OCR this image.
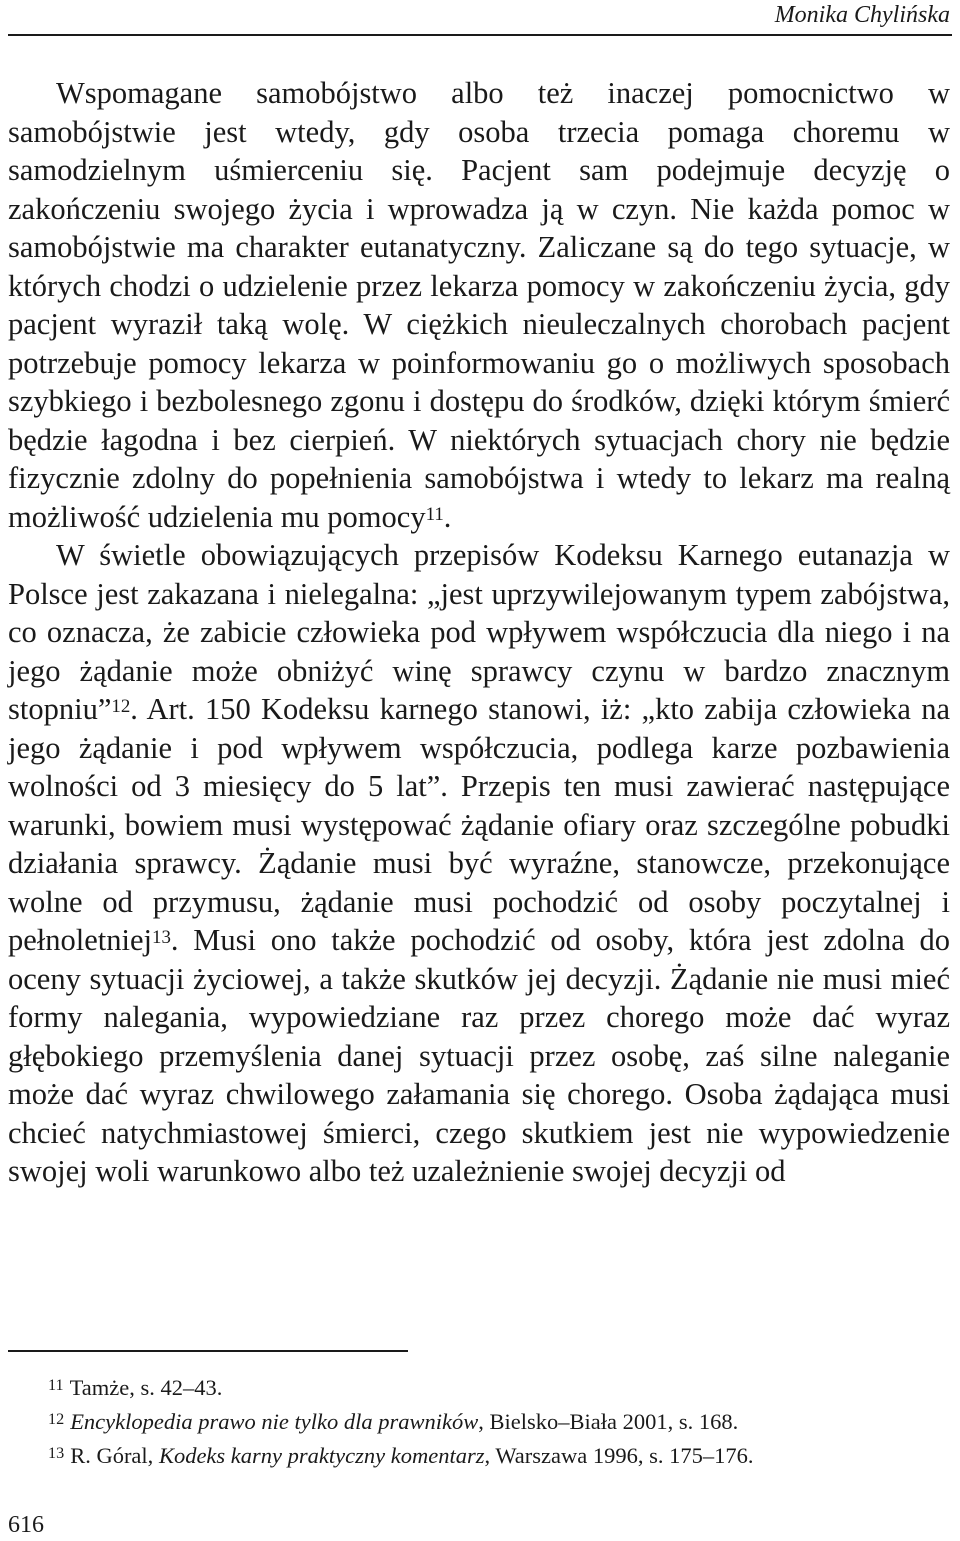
Monika Chylińska

Wspomagane samobójstwo albo też inaczej pomocnictwo w samobójstwie jest wtedy, gdy osoba trzecia pomaga choremu w samodzielnym uśmierceniu się. Pacjent sam podejmuje decyzję o zakończeniu swojego życia i wprowadza ją w czyn. Nie każda pomoc w samobójstwie ma charakter eutanatyczny. Zaliczane są do tego sytuacje, w których chodzi o udzielenie przez lekarza pomocy w zakończeniu życia, gdy pacjent wyraził taką wolę. W ciężkich nieuleczalnych chorobach pacjent potrzebuje pomocy lekarza w poinformowaniu go o możliwych sposobach szybkiego i bezbolesnego zgonu i dostępu do środków, dzięki którym śmierć będzie łagodna i bez cierpień. W niektórych sytuacjach chory nie będzie fizycznie zdolny do popełnienia samobójstwa i wtedy to lekarz ma realną możliwość udzielenia mu pomocy$^{11}$.

W świetle obowiązujących przepisów Kodeksu Karnego eutanazja w Polsce jest zakazana i nielegalna: „jest uprzywilejowanym typem zabójstwa, co oznacza, że zabicie człowieka pod wpływem współczucia dla niego i na jego żądanie może obniżyć winę sprawcy czynu w bardzo znacznym stopniu”$^{12}$. Art. 150 Kodeksu karnego stanowi, iż: „kto zabija człowieka na jego żądanie i pod wpływem współczucia, podlega karze pozbawienia wolności od 3 miesięcy do 5 lat”. Przepis ten musi zawierać następujące warunki, bowiem musi występować żądanie ofiary oraz szczególne pobudki działania sprawcy. Żądanie musi być wyraźne, stanowcze, przekonujące wolne od przymusu, żądanie musi pochodzić od osoby poczytalnej i pełnoletniej$^{13}$. Musi ono także pochodzić od osoby, która jest zdolna do oceny sytuacji życiowej, a także skutków jej decyzji. Żądanie nie musi mieć formy nalegania, wypowiedziane raz przez chorego może dać wyraz głębokiego przemyślenia danej sytuacji przez osobę, zaś silne naleganie może dać wyraz chwilowego załamania się chorego. Osoba żądająca musi chcieć natychmiastowej śmierci, czego skutkiem jest nie wypowiedzenie swojej woli warunkowo albo też uzależnienie swojej decyzji od

$^{11}$ Tamże, s. 42–43.
$^{12}$ Encyklopedia prawo nie tylko dla prawników, Bielsko–Biała 2001, s. 168.
$^{13}$ R. Góral, Kodeks karny praktyczny komentarz, Warszawa 1996, s. 175–176.
616
